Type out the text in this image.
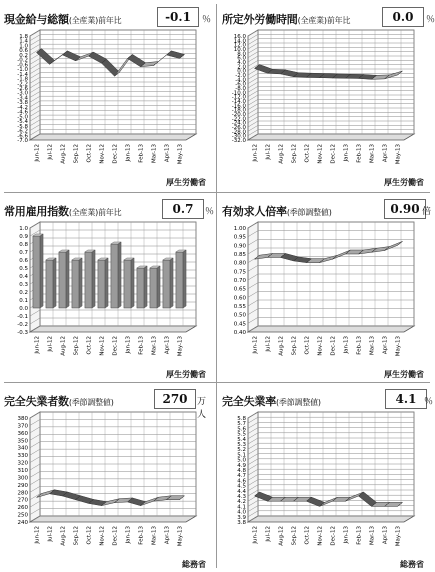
現金給与総額(全産業)前年比	-0.1	％
1.8
1.4
1.0
0.6
0.2
-0.2
-0.6
-1.0
-1.4
-1.8
-2.2
-2.6
-3.0
-3.4
-3.8
-4.2
-4.6
-5.0
-5.4
-5.8
-6.2
-6.6
-7.0
Jun-12 Jul-12 Aug-12 Sep-12 Oct-12 Nov-12 Dec-12 Jan-13 Feb-13 Mar-13 Apr-13 May-13
厚生労働省
所定外労働時間(全産業)前年比	0.0	％
16.0
14.0
12.0
10.0
8.0
6.0
4.0
2.0
0.0
-2.0
-4.0
-6.0
-8.0
-10.0
-12.0
-14.0
-16.0
-18.0
-20.0
-22.0
-24.0
-26.0
-28.0
-30.0
-32.0
Jun-12 Jul-12 Aug-12 Sep-12 Oct-12 Nov-12 Dec-12 Jan-13 Feb-13 Mar-13 Apr-13 May-13
厚生労働省
常用雇用指数(全産業)前年比	0.7	％
1.0
0.9
0.8
0.7
0.6
0.5
0.4
0.3
0.2
0.1
0.0
-0.1
-0.2
-0.3
Jun-12 Jul-12 Aug-12 Sep-12 Oct-12 Nov-12 Dec-12 Jan-13 Feb-13 Mar-13 Apr-13 May-13
厚生労働省
有効求人倍率(季節調整値)	0.90 倍
1.00
0.95
0.90
0.85
0.80
0.75
0.70
0.65
0.60
0.55
0.50
0.45
0.40
Jun-12 Jul-12 Aug-12 Sep-12 Oct-12 Nov-12 Dec-12 Jan-13 Feb-13 Mar-13 Apr-13 May-13
厚生労働省
完全失業者数(季節調整値)	270	万人
380
370
360
350
340
330
320
310
300
290
280
270
260
250
240
Jun-12 Jul-12 Aug-12 Sep-12 Oct-12 Nov-12 Dec-12 Jan-13 Feb-13 Mar-13 Apr-13 May-13
総務省
完全失業率(季節調整値)	4.1 ％
5.8
5.7
5.6
5.5
5.4
5.3
5.2
5.1
5.0
4.9
4.8
4.7
4.6
4.5
4.4
4.3
4.2
4.1
4.0
3.9
3.8
Jun-12 Jul-12 Aug-12 Sep-12 Oct-12 Nov-12 Dec-12 Jan-13 Feb-13 Mar-13 Apr-13 May-13
総務省
